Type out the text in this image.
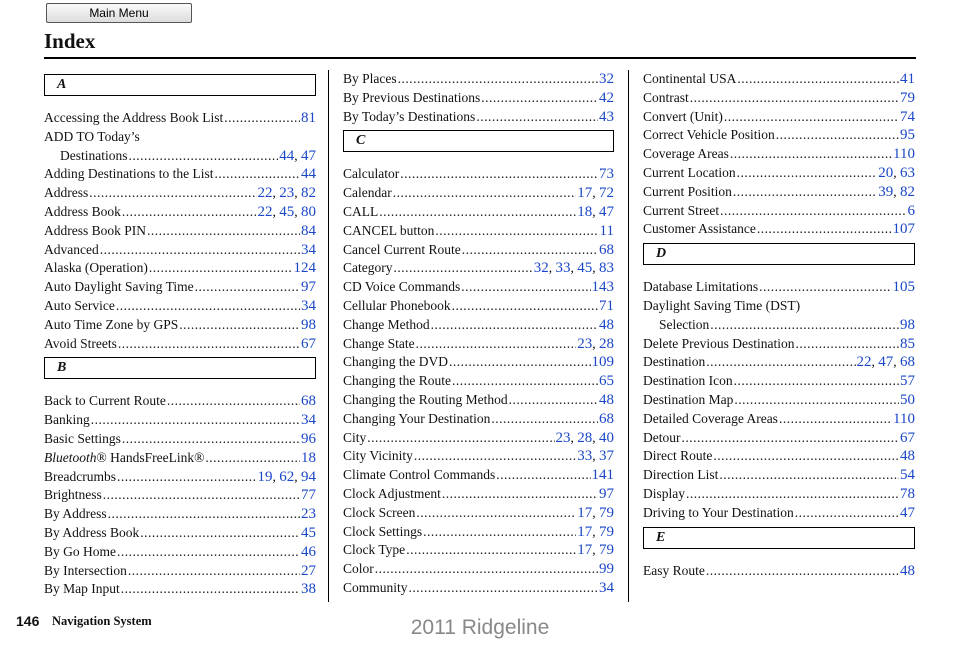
Main Menu
Index
A
Accessing the Address Book List .....	81
ADD TO Today’s
Destinations .....	44, 47
Adding Destinations to the List .....	44
Address .....	22, 23, 82
Address Book .....	22, 45, 80
Address Book PIN .....	84
Advanced .....	34
Alaska (Operation) .....	124
Auto Daylight Saving Time .....	97
Auto Service .....	34
Auto Time Zone by GPS .....	98
Avoid Streets .....	67
B
Back to Current Route .....	68
Banking .....	34
Basic Settings .....	96
Bluetooth® HandsFreeLink® .....	18
Breadcrumbs .....	19, 62, 94
Brightness .....	77
By Address .....	23
By Address Book .....	45
By Go Home .....	46
By Intersection .....	27
By Map Input .....	38
By Places .....	32
By Previous Destinations .....	42
By Today’s Destinations .....	43
C
Calculator .....	73
Calendar .....	17, 72
CALL .....	18, 47
CANCEL button .....	11
Cancel Current Route .....	68
Category .....	32, 33, 45, 83
CD Voice Commands .....	143
Cellular Phonebook .....	71
Change Method .....	48
Change State .....	23, 28
Changing the DVD .....	109
Changing the Route .....	65
Changing the Routing Method .....	48
Changing Your Destination .....	68
City .....	23, 28, 40
City Vicinity .....	33, 37
Climate Control Commands .....	141
Clock Adjustment .....	97
Clock Screen .....	17, 79
Clock Settings .....	17, 79
Clock Type .....	17, 79
Color .....	99
Community .....	34
Continental USA .....	41
Contrast .....	79
Convert (Unit) .....	74
Correct Vehicle Position .....	95
Coverage Areas .....	110
Current Location .....	20, 63
Current Position .....	39, 82
Current Street .....	6
Customer Assistance .....	107
D
Database Limitations .....	105
Daylight Saving Time (DST)
Selection .....	98
Delete Previous Destination .....	85
Destination .....	22, 47, 68
Destination Icon .....	57
Destination Map .....	50
Detailed Coverage Areas .....	110
Detour .....	67
Direct Route .....	48
Direction List .....	54
Display .....	78
Driving to Your Destination .....	47
E
Easy Route .....	48
146 Navigation System	2011 Ridgeline
